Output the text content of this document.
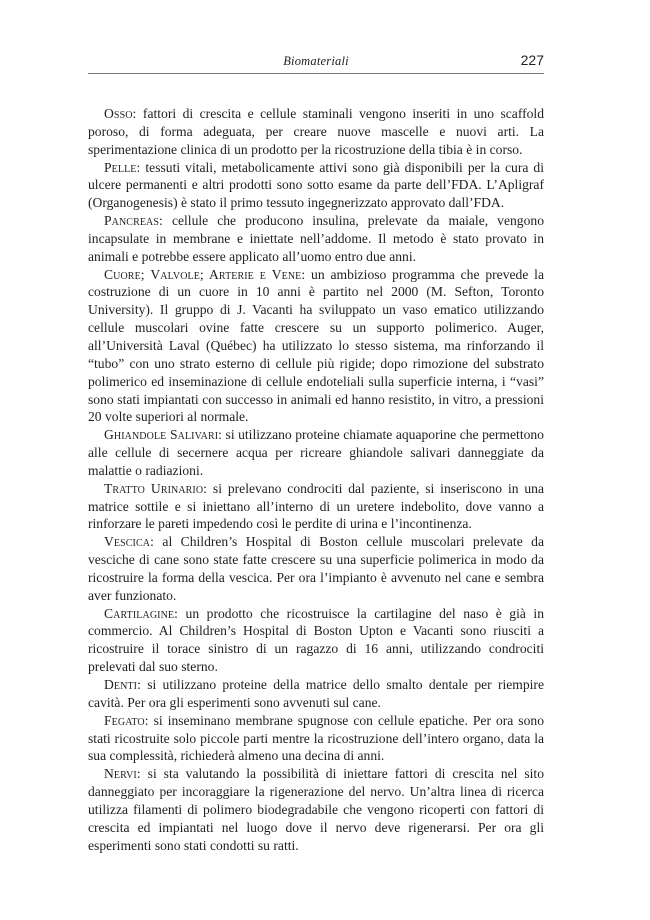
Biomateriali	227

Osso: fattori di crescita e cellule staminali vengono inseriti in uno scaffold poroso, di forma adeguata, per creare nuove mascelle e nuovi arti. La sperimentazione clinica di un prodotto per la ricostruzione della tibia è in corso.

Pelle: tessuti vitali, metabolicamente attivi sono già disponibili per la cura di ulcere permanenti e altri prodotti sono sotto esame da parte dell’FDA. L’Apligraf (Organogenesis) è stato il primo tessuto ingegnerizzato approvato dall’FDA.

Pancreas: cellule che producono insulina, prelevate da maiale, vengono incapsulate in membrane e iniettate nell’addome. Il metodo è stato provato in animali e potrebbe essere applicato all’uomo entro due anni.

Cuore; Valvole; Arterie e Vene: un ambizioso programma che prevede la costruzione di un cuore in 10 anni è partito nel 2000 (M. Sefton, Toronto University). Il gruppo di J. Vacanti ha sviluppato un vaso ematico utilizzando cellule muscolari ovine fatte crescere su un supporto polimerico. Auger, all’Università Laval (Québec) ha utilizzato lo stesso sistema, ma rinforzando il “tubo” con uno strato esterno di cellule più rigide; dopo rimozione del substrato polimerico ed inseminazione di cellule endoteliali sulla superficie interna, i “vasi” sono stati impiantati con successo in animali ed hanno resistito, in vitro, a pressioni 20 volte superiori al normale.

Ghiandole Salivari: si utilizzano proteine chiamate aquaporine che permettono alle cellule di secernere acqua per ricreare ghiandole salivari danneggiate da malattie o radiazioni.

Tratto Urinario: si prelevano condrociti dal paziente, si inseriscono in una matrice sottile e si iniettano all’interno di un uretere indebolito, dove vanno a rinforzare le pareti impedendo così le perdite di urina e l’incontinenza.

Vescica: al Children’s Hospital di Boston cellule muscolari prelevate da vesciche di cane sono state fatte crescere su una superficie polimerica in modo da ricostruire la forma della vescica. Per ora l’impianto è avvenuto nel cane e sembra aver funzionato.

Cartilagine: un prodotto che ricostruisce la cartilagine del naso è già in commercio. Al Children’s Hospital di Boston Upton e Vacanti sono riusciti a ricostruire il torace sinistro di un ragazzo di 16 anni, utilizzando condrociti prelevati dal suo sterno.

Denti: si utilizzano proteine della matrice dello smalto dentale per riempire cavità. Per ora gli esperimenti sono avvenuti sul cane.

Fegato: si inseminano membrane spugnose con cellule epatiche. Per ora sono stati ricostruite solo piccole parti mentre la ricostruzione dell’intero organo, data la sua complessità, richiederà almeno una decina di anni.

Nervi: si sta valutando la possibilità di iniettare fattori di crescita nel sito danneggiato per incoraggiare la rigenerazione del nervo. Un’altra linea di ricerca utilizza filamenti di polimero biodegradabile che vengono ricoperti con fattori di crescita ed impiantati nel luogo dove il nervo deve rigenerarsi. Per ora gli esperimenti sono stati condotti su ratti.
